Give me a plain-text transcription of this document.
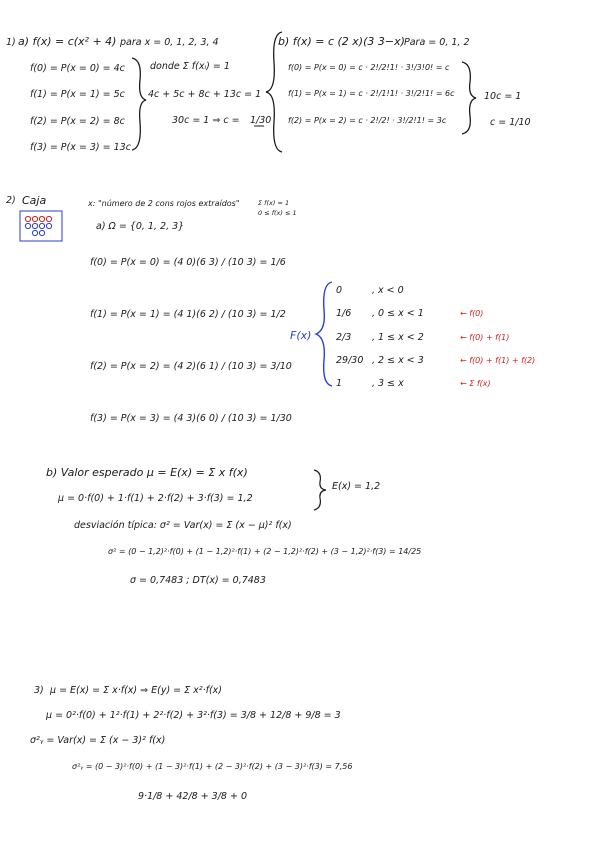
1) a) f(x) = c(x² + 4) para x = 0, 1, 2, 3, 4
f(0) = P(x = 0) = 4c
f(1) = P(x = 1) = 5c
f(2) = P(x = 2) = 8c
f(3) = P(x = 3) = 13c
donde Σ f(xᵢ) = 1
4c + 5c + 8c + 13c = 1
30c = 1 ⇒ c = 1/30
b) f(x) = c (2 x)(3 3−x) Para = 0, 1, 2
f(0) = P(x = 0) = c · 2!/2!1! · 3!/3!0! = c
f(1) = P(x = 1) = c · 2!/1!1! · 3!/2!1! = 6c
f(2) = P(x = 2) = c · 2!/2! · 3!/2!1! = 3c
10c = 1
c = 1/10
2) Caja	x: "número de 2 cons rojos extraídos"	Σ f(x) = 1
0 ≤ f(x) ≤ 1
a) Ω = {0, 1, 2, 3}
f(0) = P(x = 0) = (4 0)(6 3) / (10 3) = 1/6
f(1) = P(x = 1) = (4 1)(6 2) / (10 3) = 1/2
f(2) = P(x = 2) = (4 2)(6 1) / (10 3) = 3/10
f(3) = P(x = 3) = (4 3)(6 0) / (10 3) = 1/30
F(x)
0	, x < 0
1/6 , 0 ≤ x < 1	← f(0)
2/3 , 1 ≤ x < 2	← f(0) + f(1)
29/30 , 2 ≤ x < 3	← f(0) + f(1) + f(2)
1	, 3 ≤ x	← Σ f(x)
b) Valor esperado μ = E(x) = Σ x f(x)
μ = 0·f(0) + 1·f(1) + 2·f(2) + 3·f(3) = 1,2
E(x) = 1,2
desviación típica: σ² = Var(x) = Σ (x − μ)² f(x)
σ² = (0 − 1,2)²·f(0) + (1 − 1,2)²·f(1) + (2 − 1,2)²·f(2) + (3 − 1,2)²·f(3) = 14/25
σ = 0,7483 ; DT(x) = 0,7483
3) μ = E(x) = Σ x·f(x) ⇒ E(y) = Σ x²·f(x)
μ = 0²·f(0) + 1²·f(1) + 2²·f(2) + 3²·f(3) = 3/8 + 12/8 + 9/8 = 3
σ²ᵧ = Var(x) = Σ (x − 3)² f(x)
σ²ᵧ = (0 − 3)²·f(0) + (1 − 3)²·f(1) + (2 − 3)²·f(2) + (3 − 3)²·f(3) = 7,56
9·1/8 + 42/8 + 3/8 + 0
